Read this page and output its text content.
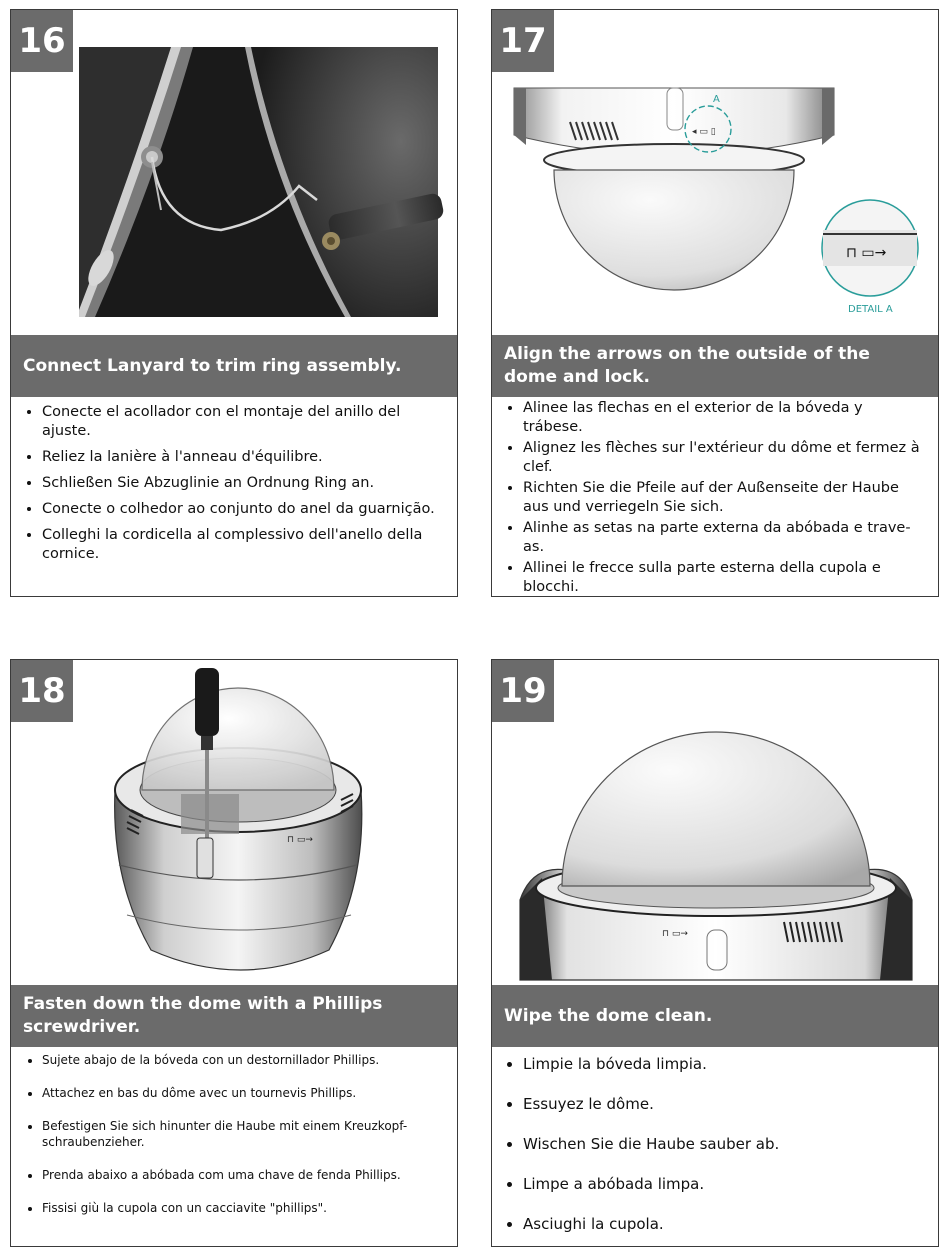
16
Connect Lanyard to trim ring assembly.
• Conecte el acollador con el montaje del anillo del ajuste.
• Reliez la lanière à l'anneau d'équilibre.
• Schließen Sie Abzuglinie an Ordnung Ring an.
• Conecte o colhedor ao conjunto do anel da guarnição.
• Colleghi la cordicella al complessivo dell'anello della cornice.
17
◂ ▭ ▯
A
⊓ ▭→
DETAIL A
Align the arrows on the outside of the dome and lock.
• Alinee las flechas en el exterior de la bóveda y trábese.
• Alignez les flèches sur l'extérieur du dôme et fermez à clef.
• Richten Sie die Pfeile auf der Außenseite der Haube aus und verriegeln Sie sich.
• Alinhe as setas na parte externa da abóbada e trave-as.
• Allinei le frecce sulla parte esterna della cupola e blocchi.
18
⊓ ▭→
Fasten down the dome with a Phillips screwdriver.
• Sujete abajo de la bóveda con un destornillador Phillips.
• Attachez en bas du dôme avec un tournevis Phillips.
• Befestigen Sie sich hinunter die Haube mit einem Kreuzkopf-schraubenzieher.
• Prenda abaixo a abóbada com uma chave de fenda Phillips.
• Fissisi giù la cupola con un cacciavite "phillips".
19
⊓ ▭→
Wipe the dome clean.
• Limpie la bóveda limpia.
• Essuyez le dôme.
• Wischen Sie die Haube sauber ab.
• Limpe a abóbada limpa.
• Asciughi la cupola.
